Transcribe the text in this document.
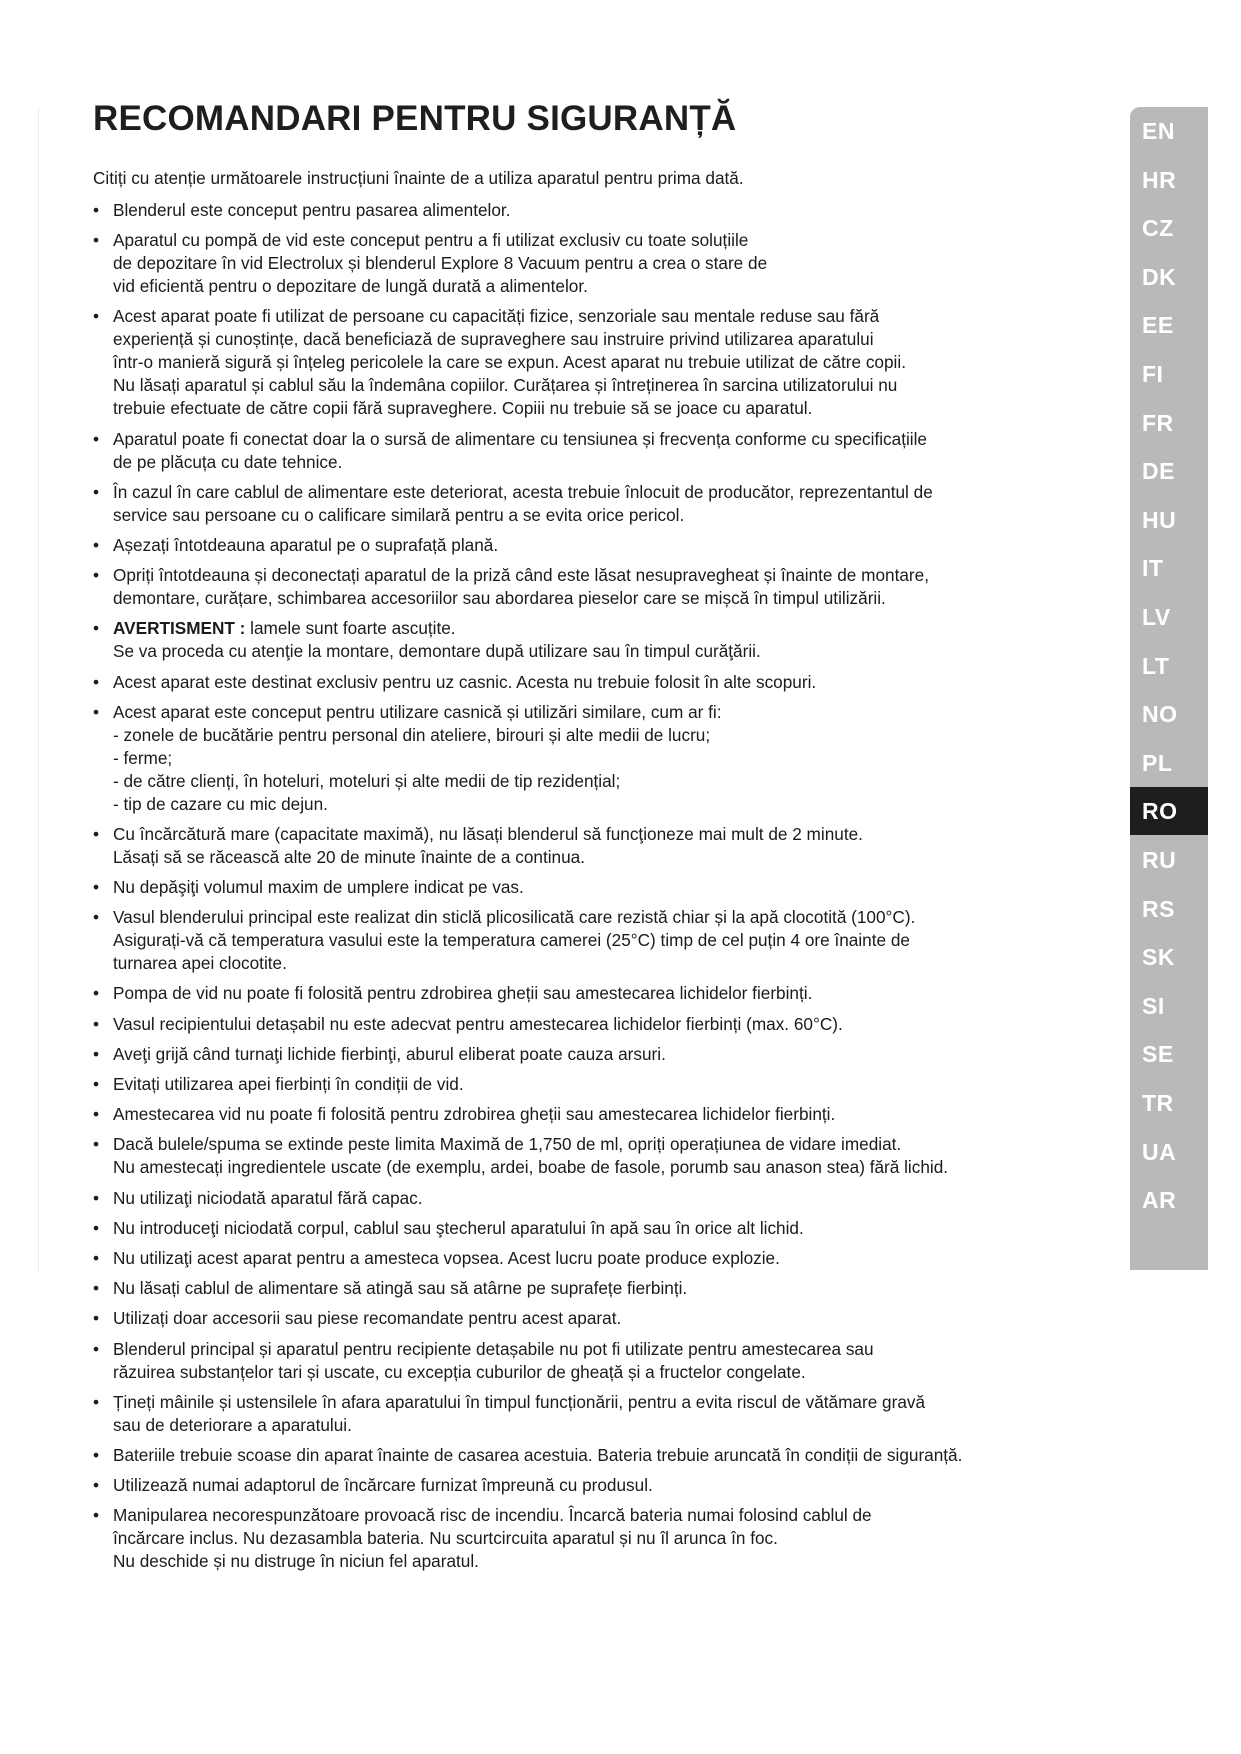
RECOMANDARI PENTRU SIGURANȚĂ

Citiți cu atenție următoarele instrucțiuni înainte de a utiliza aparatul pentru prima dată.

• Blenderul este conceput pentru pasarea alimentelor.
• Aparatul cu pompă de vid este conceput pentru a fi utilizat exclusiv cu toate soluțiile
de depozitare în vid Electrolux și blenderul Explore 8 Vacuum pentru a crea o stare de
vid eficientă pentru o depozitare de lungă durată a alimentelor.
• Acest aparat poate fi utilizat de persoane cu capacități fizice, senzoriale sau mentale reduse sau fără
experiență și cunoștințe, dacă beneficiază de supraveghere sau instruire privind utilizarea aparatului
într-o manieră sigură și înțeleg pericolele la care se expun. Acest aparat nu trebuie utilizat de către copii.
Nu lăsați aparatul și cablul său la îndemâna copiilor. Curățarea și întreținerea în sarcina utilizatorului nu
trebuie efectuate de către copii fără supraveghere. Copiii nu trebuie să se joace cu aparatul.
• Aparatul poate fi conectat doar la o sursă de alimentare cu tensiunea și frecvența conforme cu specificațiile
de pe plăcuța cu date tehnice.
• În cazul în care cablul de alimentare este deteriorat, acesta trebuie înlocuit de producător, reprezentantul de
service sau persoane cu o calificare similară pentru a se evita orice pericol.
• Așezați întotdeauna aparatul pe o suprafață plană.
• Opriți întotdeauna și deconectați aparatul de la priză când este lăsat nesupravegheat și înainte de montare,
demontare, curățare, schimbarea accesoriilor sau abordarea pieselor care se mișcă în timpul utilizării.
• AVERTISMENT : lamele sunt foarte ascuțite.
Se va proceda cu atenţie la montare, demontare după utilizare sau în timpul curăţării.
• Acest aparat este destinat exclusiv pentru uz casnic. Acesta nu trebuie folosit în alte scopuri.
• Acest aparat este conceput pentru utilizare casnică și utilizări similare, cum ar fi:
- zonele de bucătărie pentru personal din ateliere, birouri și alte medii de lucru;
- ferme;
- de către clienți, în hoteluri, moteluri și alte medii de tip rezidențial;
- tip de cazare cu mic dejun.
• Cu încărcătură mare (capacitate maximă), nu lăsați blenderul să funcţioneze mai mult de 2 minute.
Lăsați să se răcească alte 20 de minute înainte de a continua.
• Nu depăşiţi volumul maxim de umplere indicat pe vas.
• Vasul blenderului principal este realizat din sticlă plicosilicată care rezistă chiar și la apă clocotită (100°C).
Asigurați-vă că temperatura vasului este la temperatura camerei (25°C) timp de cel puțin 4 ore înainte de
turnarea apei clocotite.
• Pompa de vid nu poate fi folosită pentru zdrobirea gheții sau amestecarea lichidelor fierbinți.
• Vasul recipientului detașabil nu este adecvat pentru amestecarea lichidelor fierbinți (max. 60°C).
• Aveţi grijă când turnaţi lichide fierbinţi, aburul eliberat poate cauza arsuri.
• Evitați utilizarea apei fierbinți în condiții de vid.
• Amestecarea vid nu poate fi folosită pentru zdrobirea gheții sau amestecarea lichidelor fierbinți.
• Dacă bulele/spuma se extinde peste limita Maximă de 1,750 de ml, opriți operațiunea de vidare imediat.
Nu amestecați ingredientele uscate (de exemplu, ardei, boabe de fasole, porumb sau anason stea) fără lichid.
• Nu utilizaţi niciodată aparatul fără capac.
• Nu introduceţi niciodată corpul, cablul sau ştecherul aparatului în apă sau în orice alt lichid.
• Nu utilizaţi acest aparat pentru a amesteca vopsea. Acest lucru poate produce explozie.
• Nu lăsați cablul de alimentare să atingă sau să atârne pe suprafețe fierbinți.
• Utilizați doar accesorii sau piese recomandate pentru acest aparat.
• Blenderul principal și aparatul pentru recipiente detașabile nu pot fi utilizate pentru amestecarea sau
răzuirea substanțelor tari și uscate, cu excepția cuburilor de gheață și a fructelor congelate.
• Țineți mâinile și ustensilele în afara aparatului în timpul funcționării, pentru a evita riscul de vătămare gravă
sau de deteriorare a aparatului.
• Bateriile trebuie scoase din aparat înainte de casarea acestuia. Bateria trebuie aruncată în condiții de siguranță.
• Utilizează numai adaptorul de încărcare furnizat împreună cu produsul.
• Manipularea necorespunzătoare provoacă risc de incendiu. Încarcă bateria numai folosind cablul de
încărcare inclus. Nu dezasambla bateria. Nu scurtcircuita aparatul și nu îl arunca în foc.
Nu deschide și nu distruge în niciun fel aparatul.
EN
HR
CZ
DK
EE
FI
FR
DE
HU
IT
LV
LT
NO
PL
RO
RU
RS
SK
SI
SE
TR
UA
AR
